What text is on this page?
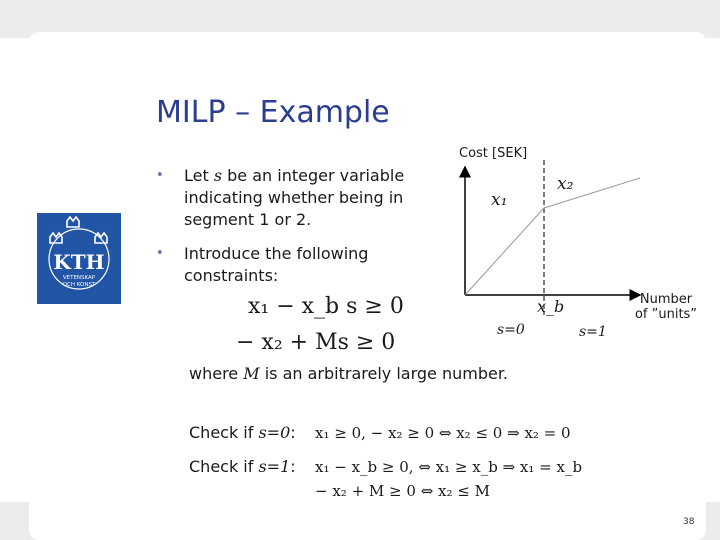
MILP – Example
KTH
VETENSKAP
OCH KONST
• Let s be an integer variable
indicating whether being in
segment 1 or 2.
• Introduce the following
constraints:
x₁ − x_b s ≥ 0
− x₂ + Ms ≥ 0
where M is an arbitrarely large number.
Check if s=0: x₁ ≥ 0, − x₂ ≥ 0 ⇔ x₂ ≤ 0 ⇒ x₂ = 0
Check if s=1: x₁ − x_b ≥ 0, ⇔ x₁ ≥ x_b ⇒ x₁ = x_b
− x₂ + M ≥ 0 ⇔ x₂ ≤ M
Cost [SEK]
x₁
x₂
x_b
s=0	s=1
Number
of ”units”
38
